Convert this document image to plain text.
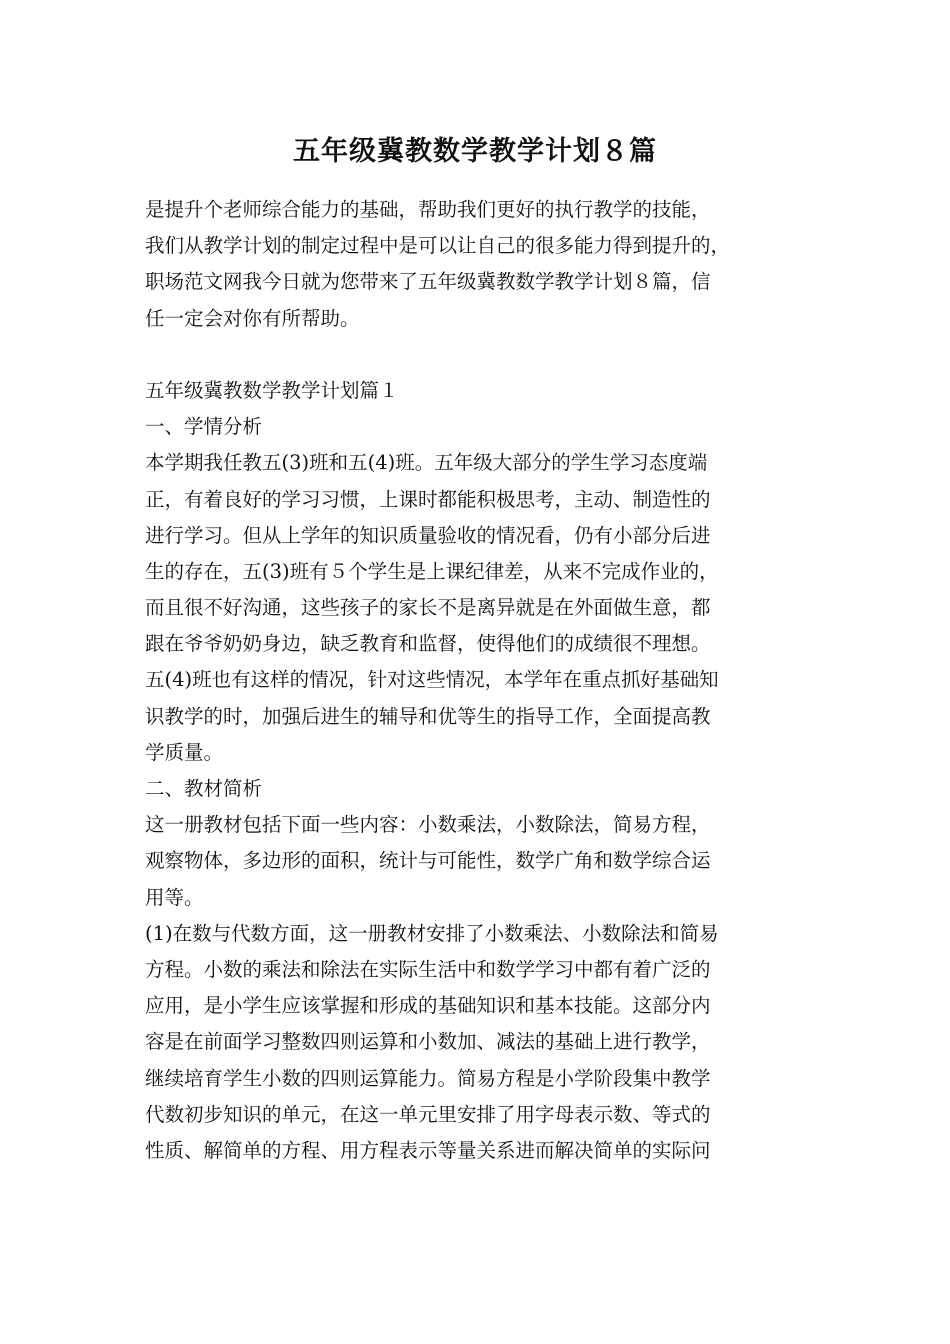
五年级冀教数学教学计划８篇
是提升个老师综合能力的基础，帮助我们更好的执行教学的技能，
我们从教学计划的制定过程中是可以让自己的很多能力得到提升的，
职场范文网我今日就为您带来了五年级冀教数学教学计划８篇，信
任一定会对你有所帮助。
五年级冀教数学教学计划篇１
一、学情分析
本学期我任教五(3)班和五(4)班。五年级大部分的学生学习态度端
正，有着良好的学习习惯，上课时都能积极思考，主动、制造性的
进行学习。但从上学年的知识质量验收的情况看，仍有小部分后进
生的存在，五(3)班有５个学生是上课纪律差，从来不完成作业的，
而且很不好沟通，这些孩子的家长不是离异就是在外面做生意，都
跟在爷爷奶奶身边，缺乏教育和监督，使得他们的成绩很不理想。
五(4)班也有这样的情况，针对这些情况，本学年在重点抓好基础知
识教学的时，加强后进生的辅导和优等生的指导工作，全面提高教
学质量。
二、教材简析
这一册教材包括下面一些内容：小数乘法，小数除法，简易方程，
观察物体，多边形的面积，统计与可能性，数学广角和数学综合运
用等。
(1)在数与代数方面，这一册教材安排了小数乘法、小数除法和简易
方程。小数的乘法和除法在实际生活中和数学学习中都有着广泛的
应用，是小学生应该掌握和形成的基础知识和基本技能。这部分内
容是在前面学习整数四则运算和小数加、减法的基础上进行教学，
继续培育学生小数的四则运算能力。简易方程是小学阶段集中教学
代数初步知识的单元，在这一单元里安排了用字母表示数、等式的
性质、解简单的方程、用方程表示等量关系进而解决简单的实际问
